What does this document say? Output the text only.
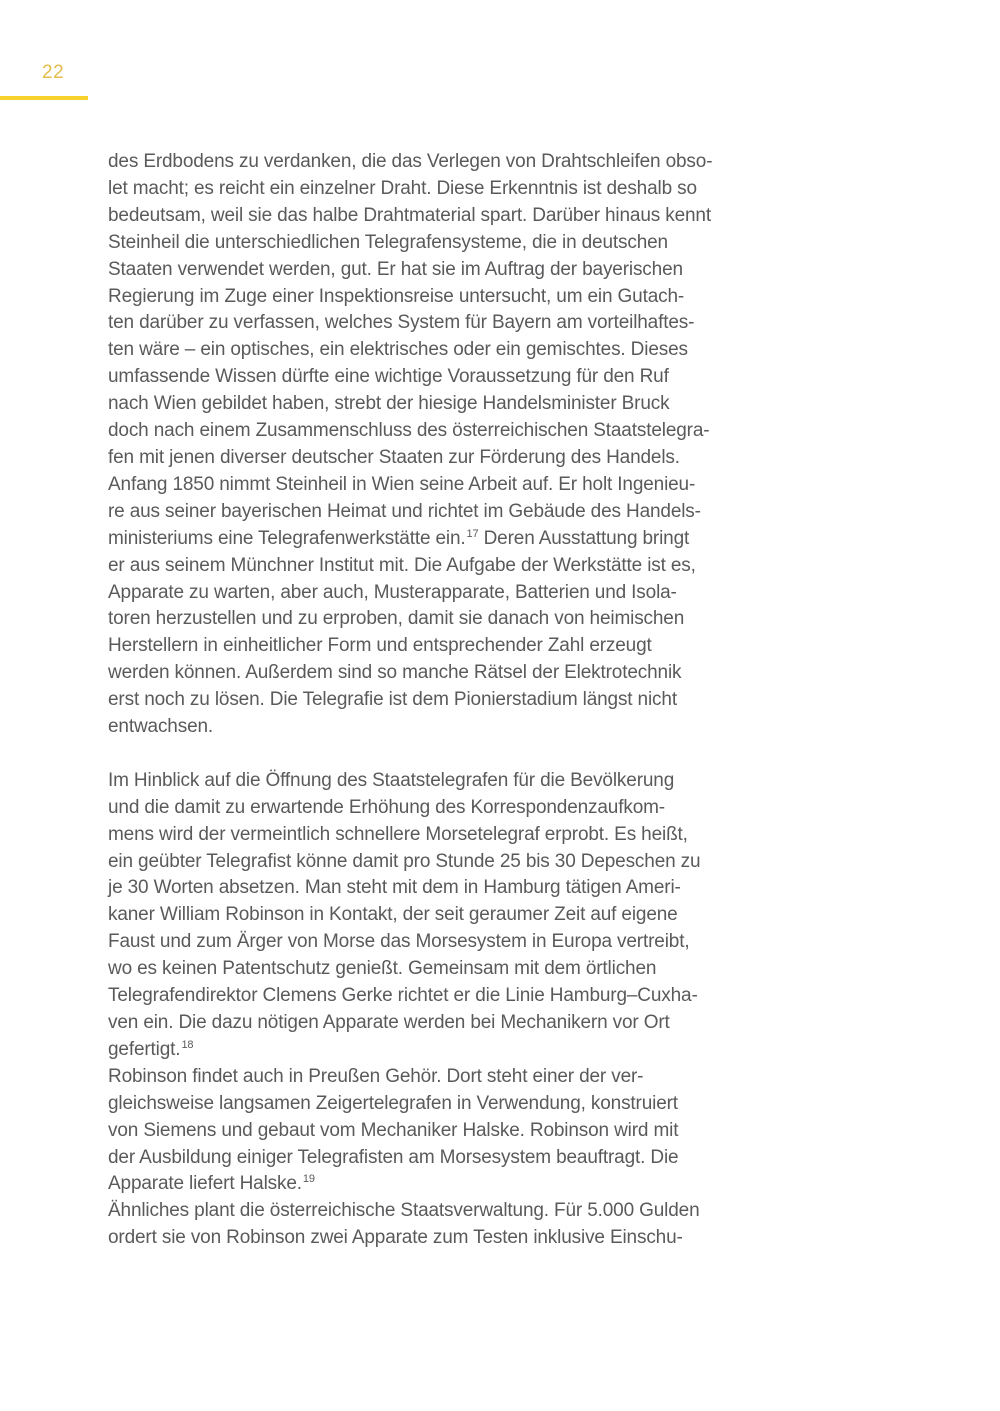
22
des Erdbodens zu verdanken, die das Verlegen von Drahtschleifen obso-
let macht; es reicht ein einzelner Draht. Diese Erkenntnis ist deshalb so
bedeutsam, weil sie das halbe Drahtmaterial spart. Darüber hinaus kennt
Steinheil die unterschiedlichen Telegrafensysteme, die in deutschen
Staaten verwendet werden, gut. Er hat sie im Auftrag der bayerischen
Regierung im Zuge einer Inspektionsreise untersucht, um ein Gutach-
ten darüber zu verfassen, welches System für Bayern am vorteilhaftes-
ten wäre – ein optisches, ein elektrisches oder ein gemischtes. Dieses
umfassende Wissen dürfte eine wichtige Voraussetzung für den Ruf
nach Wien gebildet haben, strebt der hiesige Handelsminister Bruck
doch nach einem Zusammenschluss des österreichischen Staatstelegra-
fen mit jenen diverser deutscher Staaten zur Förderung des Handels.
Anfang 1850 nimmt Steinheil in Wien seine Arbeit auf. Er holt Ingenieu-
re aus seiner bayerischen Heimat und richtet im Gebäude des Handels-
ministeriums eine Telegrafenwerkstätte ein.$^{17}$ Deren Ausstattung bringt
er aus seinem Münchner Institut mit. Die Aufgabe der Werkstätte ist es,
Apparate zu warten, aber auch, Musterapparate, Batterien und Isola-
toren herzustellen und zu erproben, damit sie danach von heimischen
Herstellern in einheitlicher Form und entsprechender Zahl erzeugt
werden können. Außerdem sind so manche Rätsel der Elektrotechnik
erst noch zu lösen. Die Telegrafie ist dem Pionierstadium längst nicht
entwachsen.
Im Hinblick auf die Öffnung des Staatstelegrafen für die Bevölkerung
und die damit zu erwartende Erhöhung des Korrespondenzaufkom-
mens wird der vermeintlich schnellere Morsetelegraf erprobt. Es heißt,
ein geübter Telegrafist könne damit pro Stunde 25 bis 30 Depeschen zu
je 30 Worten absetzen. Man steht mit dem in Hamburg tätigen Ameri-
kaner William Robinson in Kontakt, der seit geraumer Zeit auf eigene
Faust und zum Ärger von Morse das Morsesystem in Europa vertreibt,
wo es keinen Patentschutz genießt. Gemeinsam mit dem örtlichen
Telegrafendirektor Clemens Gerke richtet er die Linie Hamburg–Cuxha-
ven ein. Die dazu nötigen Apparate werden bei Mechanikern vor Ort
gefertigt.$^{18}$
Robinson findet auch in Preußen Gehör. Dort steht einer der ver-
gleichsweise langsamen Zeigertelegrafen in Verwendung, konstruiert
von Siemens und gebaut vom Mechaniker Halske. Robinson wird mit
der Ausbildung einiger Telegrafisten am Morsesystem beauftragt. Die
Apparate liefert Halske.$^{19}$
Ähnliches plant die österreichische Staatsverwaltung. Für 5.000 Gulden
ordert sie von Robinson zwei Apparate zum Testen inklusive Einschu-
